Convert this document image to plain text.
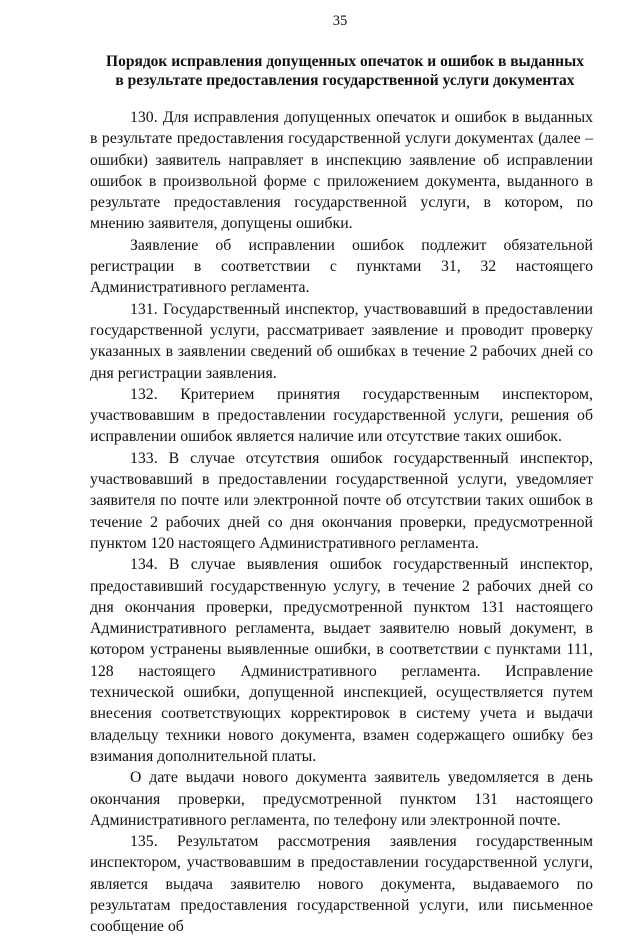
35
Порядок исправления допущенных опечаток и ошибок в выданных
в результате предоставления государственной услуги документах

130. Для исправления допущенных опечаток и ошибок в выданных в результате предоставления государственной услуги документах (далее – ошибки) заявитель направляет в инспекцию заявление об исправлении ошибок в произвольной форме с приложением документа, выданного в результате предоставления государственной услуги, в котором, по мнению заявителя, допущены ошибки.

Заявление об исправлении ошибок подлежит обязательной регистрации в соответствии с пунктами 31, 32 настоящего Административного регламента.

131. Государственный инспектор, участвовавший в предоставлении государственной услуги, рассматривает заявление и проводит проверку указанных в заявлении сведений об ошибках в течение 2 рабочих дней со дня регистрации заявления.

132. Критерием принятия государственным инспектором, участвовавшим в предоставлении государственной услуги, решения об исправлении ошибок является наличие или отсутствие таких ошибок.

133. В случае отсутствия ошибок государственный инспектор, участвовавший в предоставлении государственной услуги, уведомляет заявителя по почте или электронной почте об отсутствии таких ошибок в течение 2 рабочих дней со дня окончания проверки, предусмотренной пунктом 120 настоящего Административного регламента.

134. В случае выявления ошибок государственный инспектор, предоставивший государственную услугу, в течение 2 рабочих дней со дня окончания проверки, предусмотренной пунктом 131 настоящего Административного регламента, выдает заявителю новый документ, в котором устранены выявленные ошибки, в соответствии с пунктами 111, 128 настоящего Административного регламента. Исправление технической ошибки, допущенной инспекцией, осуществляется путем внесения соответствующих корректировок в систему учета и выдачи владельцу техники нового документа, взамен содержащего ошибку без взимания дополнительной платы.

О дате выдачи нового документа заявитель уведомляется в день окончания проверки, предусмотренной пунктом 131 настоящего Административного регламента, по телефону или электронной почте.

135. Результатом рассмотрения заявления государственным инспектором, участвовавшим в предоставлении государственной услуги, является выдача заявителю нового документа, выдаваемого по результатам предоставления государственной услуги, или письменное сообщение об
